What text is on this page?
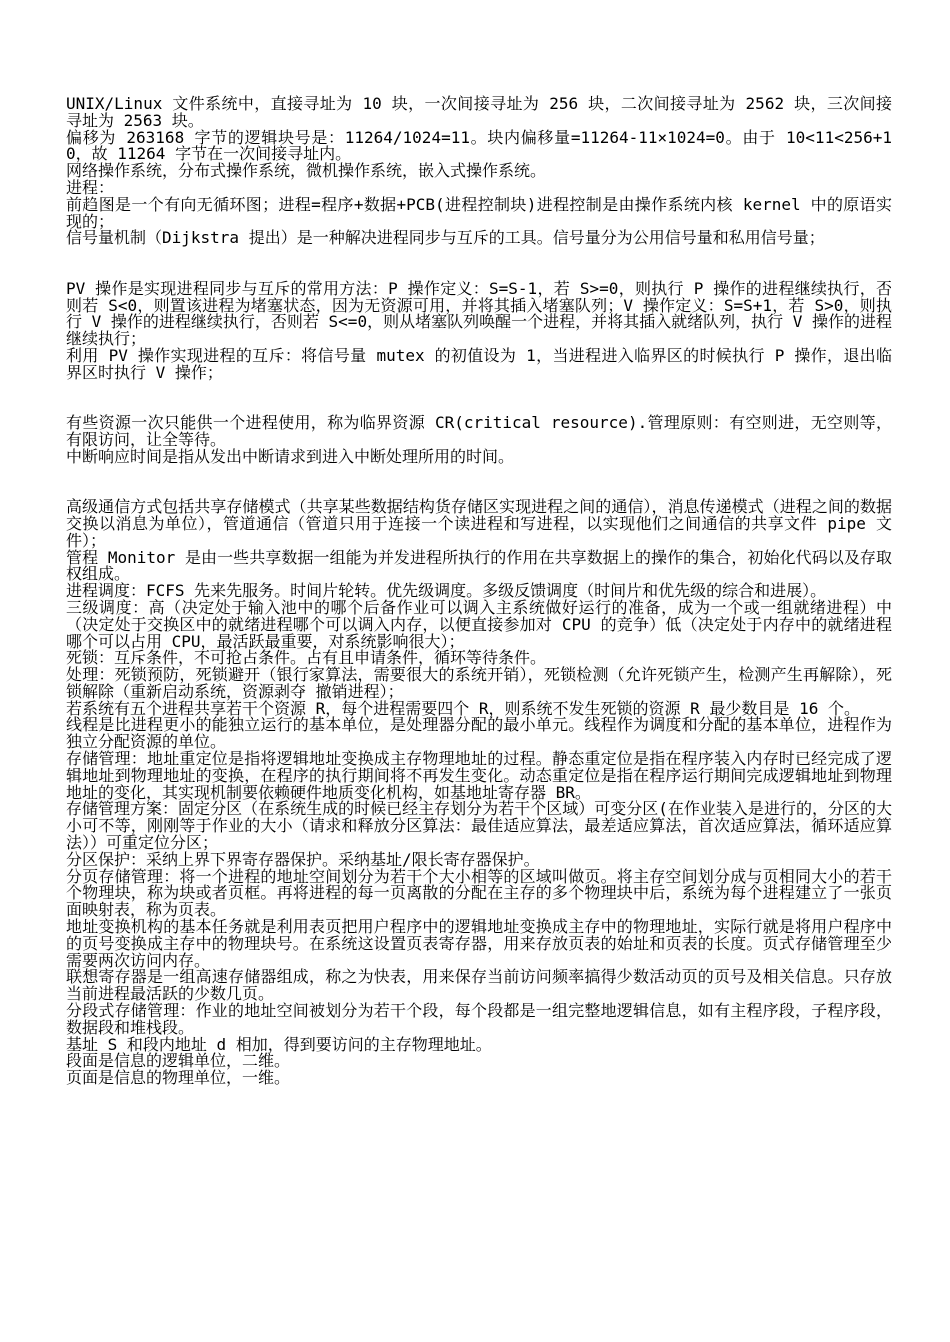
UNIX/Linux 文件系统中，直接寻址为 10 块，一次间接寻址为 256 块，二次间接寻址为 2562 块，三次间接寻址为 2563 块。

偏移为 263168 字节的逻辑块号是：11264/1024=11。块内偏移量=11264-11×1024=0。由于 10<11<256+10，故 11264 字节在一次间接寻址内。

网络操作系统，分布式操作系统，微机操作系统，嵌入式操作系统。

进程：

前趋图是一个有向无循环图；进程=程序+数据+PCB(进程控制块)进程控制是由操作系统内核 kernel 中的原语实现的；

信号量机制（Dijkstra 提出）是一种解决进程同步与互斥的工具。信号量分为公用信号量和私用信号量；

PV 操作是实现进程同步与互斥的常用方法：P 操作定义：S=S-1，若 S>=0，则执行 P 操作的进程继续执行，否则若 S<0，则置该进程为堵塞状态，因为无资源可用，并将其插入堵塞队列；V 操作定义：S=S+1，若 S>0，则执行 V 操作的进程继续执行，否则若 S<=0，则从堵塞队列唤醒一个进程，并将其插入就绪队列，执行 V 操作的进程继续执行；

利用 PV 操作实现进程的互斥：将信号量 mutex 的初值设为 1，当进程进入临界区的时候执行 P 操作，退出临界区时执行 V 操作；

有些资源一次只能供一个进程使用，称为临界资源 CR(critical resource).管理原则：有空则进，无空则等，有限访问，让全等待。

中断响应时间是指从发出中断请求到进入中断处理所用的时间。

高级通信方式包括共享存储模式（共享某些数据结构货存储区实现进程之间的通信），消息传递模式（进程之间的数据交换以消息为单位），管道通信（管道只用于连接一个读进程和写进程，以实现他们之间通信的共享文件 pipe 文件）；

管程 Monitor 是由一些共享数据一组能为并发进程所执行的作用在共享数据上的操作的集合，初始化代码以及存取权组成。

进程调度：FCFS 先来先服务。时间片轮转。优先级调度。多级反馈调度（时间片和优先级的综合和进展）。

三级调度：高（决定处于输入池中的哪个后备作业可以调入主系统做好运行的准备，成为一个或一组就绪进程）中（决定处于交换区中的就绪进程哪个可以调入内存，以便直接参加对 CPU 的竞争）低（决定处于内存中的就绪进程哪个可以占用 CPU，最活跃最重要，对系统影响很大）；

死锁：互斥条件，不可抢占条件。占有且申请条件，循环等待条件。

处理：死锁预防，死锁避开（银行家算法，需要很大的系统开销），死锁检测（允许死锁产生，检测产生再解除），死锁解除（重新启动系统，资源剥夺 撤销进程）；

若系统有五个进程共享若干个资源 R，每个进程需要四个 R，则系统不发生死锁的资源 R 最少数目是 16 个。

线程是比进程更小的能独立运行的基本单位，是处理器分配的最小单元。线程作为调度和分配的基本单位，进程作为独立分配资源的单位。

存储管理：地址重定位是指将逻辑地址变换成主存物理地址的过程。静态重定位是指在程序装入内存时已经完成了逻辑地址到物理地址的变换，在程序的执行期间将不再发生变化。动态重定位是指在程序运行期间完成逻辑地址到物理地址的变化，其实现机制要依赖硬件地质变化机构，如基地址寄存器 BR。

存储管理方案：固定分区（在系统生成的时候已经主存划分为若干个区域）可变分区(在作业装入是进行的，分区的大小可不等，刚刚等于作业的大小（请求和释放分区算法：最佳适应算法，最差适应算法，首次适应算法，循环适应算法））可重定位分区；

分区保护：采纳上界下界寄存器保护。采纳基址/限长寄存器保护。

分页存储管理：将一个进程的地址空间划分为若干个大小相等的区域叫做页。将主存空间划分成与页相同大小的若干个物理块，称为块或者页框。再将进程的每一页离散的分配在主存的多个物理块中后，系统为每个进程建立了一张页面映射表，称为页表。

地址变换机构的基本任务就是利用表页把用户程序中的逻辑地址变换成主存中的物理地址，实际行就是将用户程序中的页号变换成主存中的物理块号。在系统这设置页表寄存器，用来存放页表的始址和页表的长度。页式存储管理至少需要两次访问内存。

联想寄存器是一组高速存储器组成，称之为快表，用来保存当前访问频率搞得少数活动页的页号及相关信息。只存放当前进程最活跃的少数几页。

分段式存储管理：作业的地址空间被划分为若干个段，每个段都是一组完整地逻辑信息，如有主程序段，子程序段，数据段和堆栈段。

基址 S 和段内地址 d 相加，得到要访问的主存物理地址。

段面是信息的逻辑单位，二维。

页面是信息的物理单位，一维。
